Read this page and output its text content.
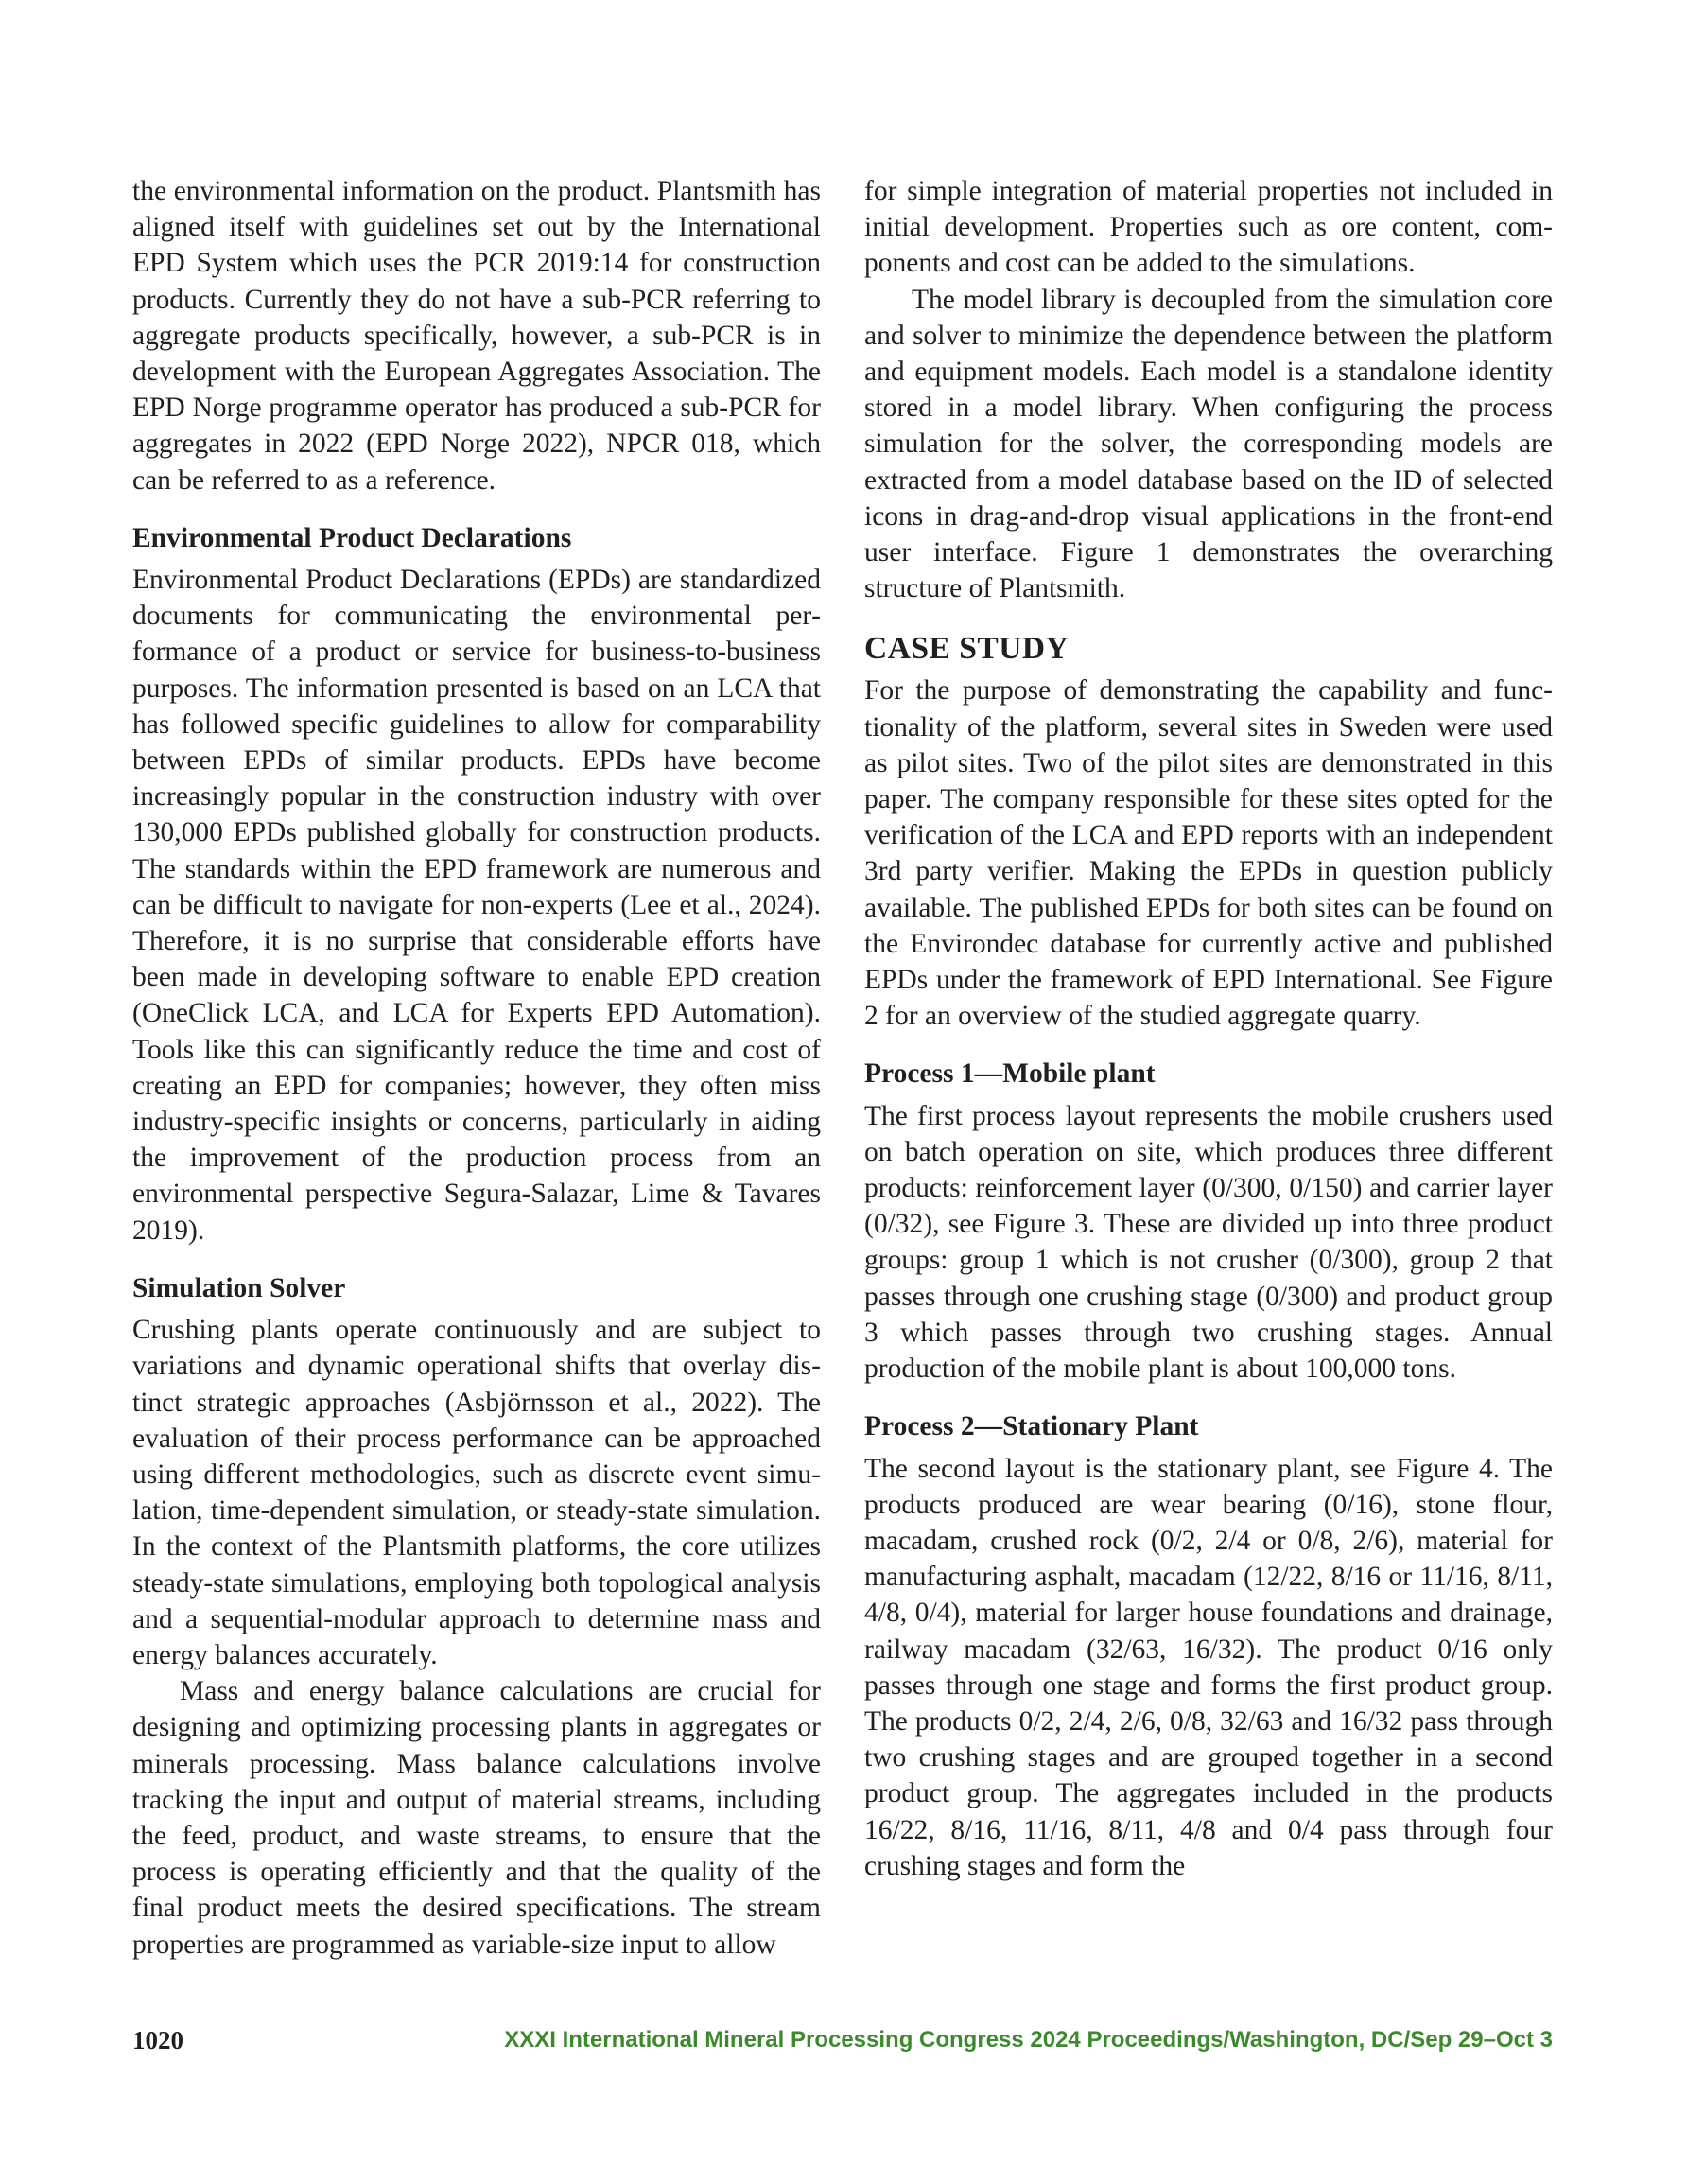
the environmental information on the product. Plantsmith has aligned itself with guidelines set out by the International EPD System which uses the PCR 2019:14 for construction products. Currently they do not have a sub-PCR referring to aggregate products specifically, however, a sub-PCR is in development with the European Aggregates Association. The EPD Norge programme operator has produced a sub-PCR for aggregates in 2022 (EPD Norge 2022), NPCR 018, which can be referred to as a reference.

Environmental Product Declarations

Environmental Product Declarations (EPDs) are standardized documents for communicating the environmental performance of a product or service for business-to-business purposes. The information presented is based on an LCA that has followed specific guidelines to allow for comparability between EPDs of similar products. EPDs have become increasingly popular in the construction industry with over 130,000 EPDs published globally for construction products. The standards within the EPD framework are numerous and can be difficult to navigate for non-experts (Lee et al., 2024). Therefore, it is no surprise that considerable efforts have been made in developing software to enable EPD creation (OneClick LCA, and LCA for Experts EPD Automation). Tools like this can significantly reduce the time and cost of creating an EPD for companies; however, they often miss industry-specific insights or concerns, particularly in aiding the improvement of the production process from an environmental perspective Segura-Salazar, Lime & Tavares 2019).

Simulation Solver

Crushing plants operate continuously and are subject to variations and dynamic operational shifts that overlay distinct strategic approaches (Asbjörnsson et al., 2022). The evaluation of their process performance can be approached using different methodologies, such as discrete event simulation, time-dependent simulation, or steady-state simulation. In the context of the Plantsmith platforms, the core utilizes steady-state simulations, employing both topological analysis and a sequential-modular approach to determine mass and energy balances accurately.

Mass and energy balance calculations are crucial for designing and optimizing processing plants in aggregates or minerals processing. Mass balance calculations involve tracking the input and output of material streams, including the feed, product, and waste streams, to ensure that the process is operating efficiently and that the quality of the final product meets the desired specifications. The stream properties are programmed as variable-size input to allow

for simple integration of material properties not included in initial development. Properties such as ore content, components and cost can be added to the simulations.

The model library is decoupled from the simulation core and solver to minimize the dependence between the platform and equipment models. Each model is a standalone identity stored in a model library. When configuring the process simulation for the solver, the corresponding models are extracted from a model database based on the ID of selected icons in drag-and-drop visual applications in the front-end user interface. Figure 1 demonstrates the overarching structure of Plantsmith.

CASE STUDY

For the purpose of demonstrating the capability and functionality of the platform, several sites in Sweden were used as pilot sites. Two of the pilot sites are demonstrated in this paper. The company responsible for these sites opted for the verification of the LCA and EPD reports with an independent 3rd party verifier. Making the EPDs in question publicly available. The published EPDs for both sites can be found on the Environdec database for currently active and published EPDs under the framework of EPD International. See Figure 2 for an overview of the studied aggregate quarry.

Process 1—Mobile plant

The first process layout represents the mobile crushers used on batch operation on site, which produces three different products: reinforcement layer (0/300, 0/150) and carrier layer (0/32), see Figure 3. These are divided up into three product groups: group 1 which is not crusher (0/300), group 2 that passes through one crushing stage (0/300) and product group 3 which passes through two crushing stages. Annual production of the mobile plant is about 100,000 tons.

Process 2—Stationary Plant

The second layout is the stationary plant, see Figure 4. The products produced are wear bearing (0/16), stone flour, macadam, crushed rock (0/2, 2/4 or 0/8, 2/6), material for manufacturing asphalt, macadam (12/22, 8/16 or 11/16, 8/11, 4/8, 0/4), material for larger house foundations and drainage, railway macadam (32/63, 16/32). The product 0/16 only passes through one stage and forms the first product group. The products 0/2, 2/4, 2/6, 0/8, 32/63 and 16/32 pass through two crushing stages and are grouped together in a second product group. The aggregates included in the products 16/22, 8/16, 11/16, 8/11, 4/8 and 0/4 pass through four crushing stages and form the

1020	XXXI International Mineral Processing Congress 2024 Proceedings/Washington, DC/Sep 29–Oct 3
